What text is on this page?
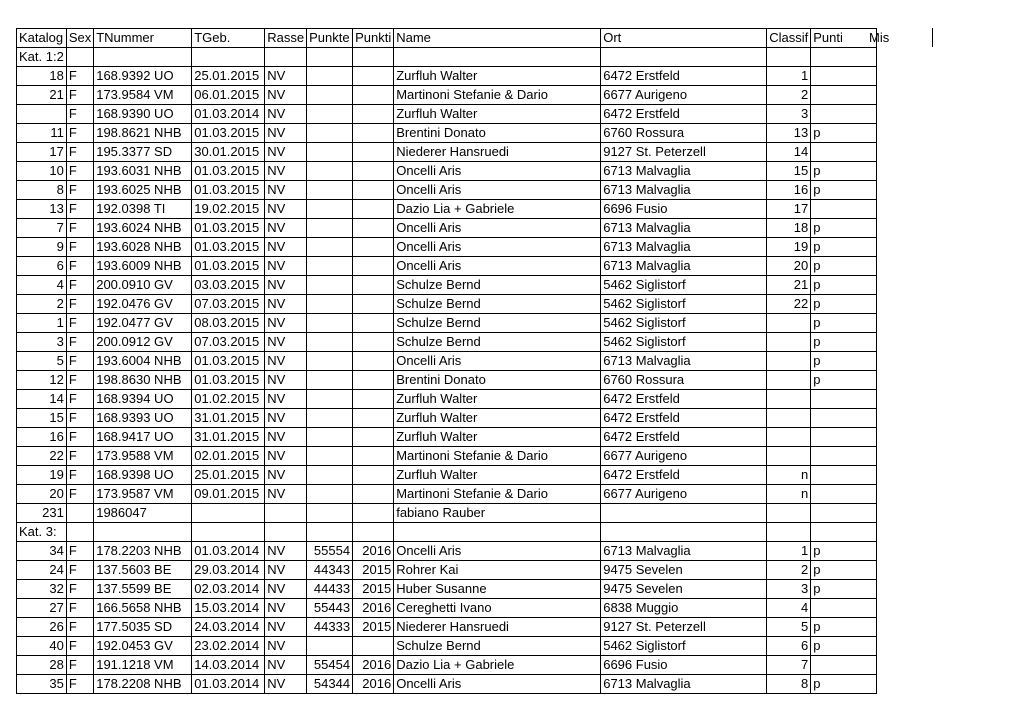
Katalog	Sex	TNummer	TGeb.	Rasse	Punkte	Punkti	Name	Ort	Classif	Punti
Kat. 1:2										
18	F	168.9392 UO	25.01.2015	NV			Zurfluh Walter	6472 Erstfeld	1	
21	F	173.9584 VM	06.01.2015	NV			Martinoni Stefanie & Dario	6677 Aurigeno	2	
	F	168.9390 UO	01.03.2014	NV			Zurfluh Walter	6472 Erstfeld	3	
11	F	198.8621 NHB	01.03.2015	NV			Brentini Donato	6760 Rossura	13	p
17	F	195.3377 SD	30.01.2015	NV			Niederer Hansruedi	9127 St. Peterzell	14	
10	F	193.6031 NHB	01.03.2015	NV			Oncelli Aris	6713 Malvaglia	15	p
8	F	193.6025 NHB	01.03.2015	NV			Oncelli Aris	6713 Malvaglia	16	p
13	F	192.0398 TI	19.02.2015	NV			Dazio Lia + Gabriele	6696 Fusio	17	
7	F	193.6024 NHB	01.03.2015	NV			Oncelli Aris	6713 Malvaglia	18	p
9	F	193.6028 NHB	01.03.2015	NV			Oncelli Aris	6713 Malvaglia	19	p
6	F	193.6009 NHB	01.03.2015	NV			Oncelli Aris	6713 Malvaglia	20	p
4	F	200.0910 GV	03.03.2015	NV			Schulze Bernd	5462 Siglistorf	21	p
2	F	192.0476 GV	07.03.2015	NV			Schulze Bernd	5462 Siglistorf	22	p
1	F	192.0477 GV	08.03.2015	NV			Schulze Bernd	5462 Siglistorf		p
3	F	200.0912 GV	07.03.2015	NV			Schulze Bernd	5462 Siglistorf		p
5	F	193.6004 NHB	01.03.2015	NV			Oncelli Aris	6713 Malvaglia		p
12	F	198.8630 NHB	01.03.2015	NV			Brentini Donato	6760 Rossura		p
14	F	168.9394 UO	01.02.2015	NV			Zurfluh Walter	6472 Erstfeld		
15	F	168.9393 UO	31.01.2015	NV			Zurfluh Walter	6472 Erstfeld		
16	F	168.9417 UO	31.01.2015	NV			Zurfluh Walter	6472 Erstfeld		
22	F	173.9588 VM	02.01.2015	NV			Martinoni Stefanie & Dario	6677 Aurigeno		
19	F	168.9398 UO	25.01.2015	NV			Zurfluh Walter	6472 Erstfeld	n	
20	F	173.9587 VM	09.01.2015	NV			Martinoni Stefanie & Dario	6677 Aurigeno	n	
231		1986047					fabiano Rauber			
Kat. 3:										
34	F	178.2203 NHB	01.03.2014	NV	55554	2016	Oncelli Aris	6713 Malvaglia	1	p
24	F	137.5603 BE	29.03.2014	NV	44343	2015	Rohrer Kai	9475 Sevelen	2	p
32	F	137.5599 BE	02.03.2014	NV	44433	2015	Huber Susanne	9475 Sevelen	3	p
27	F	166.5658 NHB	15.03.2014	NV	55443	2016	Cereghetti Ivano	6838 Muggio	4	
26	F	177.5035 SD	24.03.2014	NV	44333	2015	Niederer Hansruedi	9127 St. Peterzell	5	p
40	F	192.0453 GV	23.02.2014	NV			Schulze Bernd	5462 Siglistorf	6	p
28	F	191.1218 VM	14.03.2014	NV	55454	2016	Dazio Lia + Gabriele	6696 Fusio	7	
35	F	178.2208 NHB	01.03.2014	NV	54344	2016	Oncelli Aris	6713 Malvaglia	8	p
Mis
